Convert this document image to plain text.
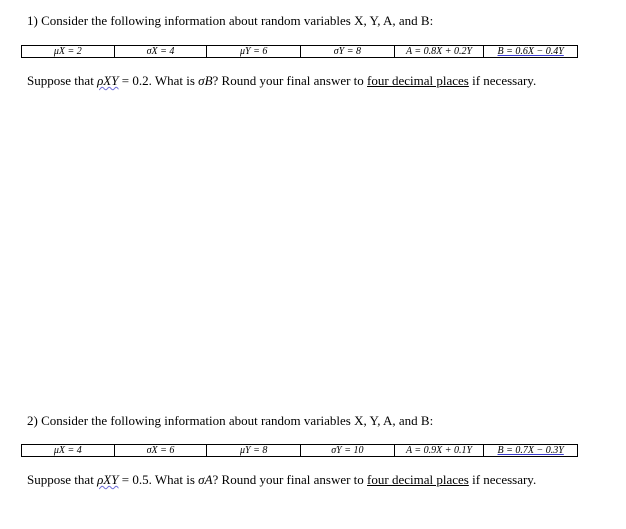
1) Consider the following information about random variables X, Y, A, and B:
μX = 2	σX = 4	μY = 6	σY = 8	A = 0.8X + 0.2Y	B = 0.6X − 0.4Y
Suppose that ρXY = 0.2. What is σB? Round your final answer to four decimal places if necessary.
2) Consider the following information about random variables X, Y, A, and B:
μX = 4	σX = 6	μY = 8	σY = 10	A = 0.9X + 0.1Y	B = 0.7X − 0.3Y
Suppose that ρXY = 0.5. What is σA? Round your final answer to four decimal places if necessary.
